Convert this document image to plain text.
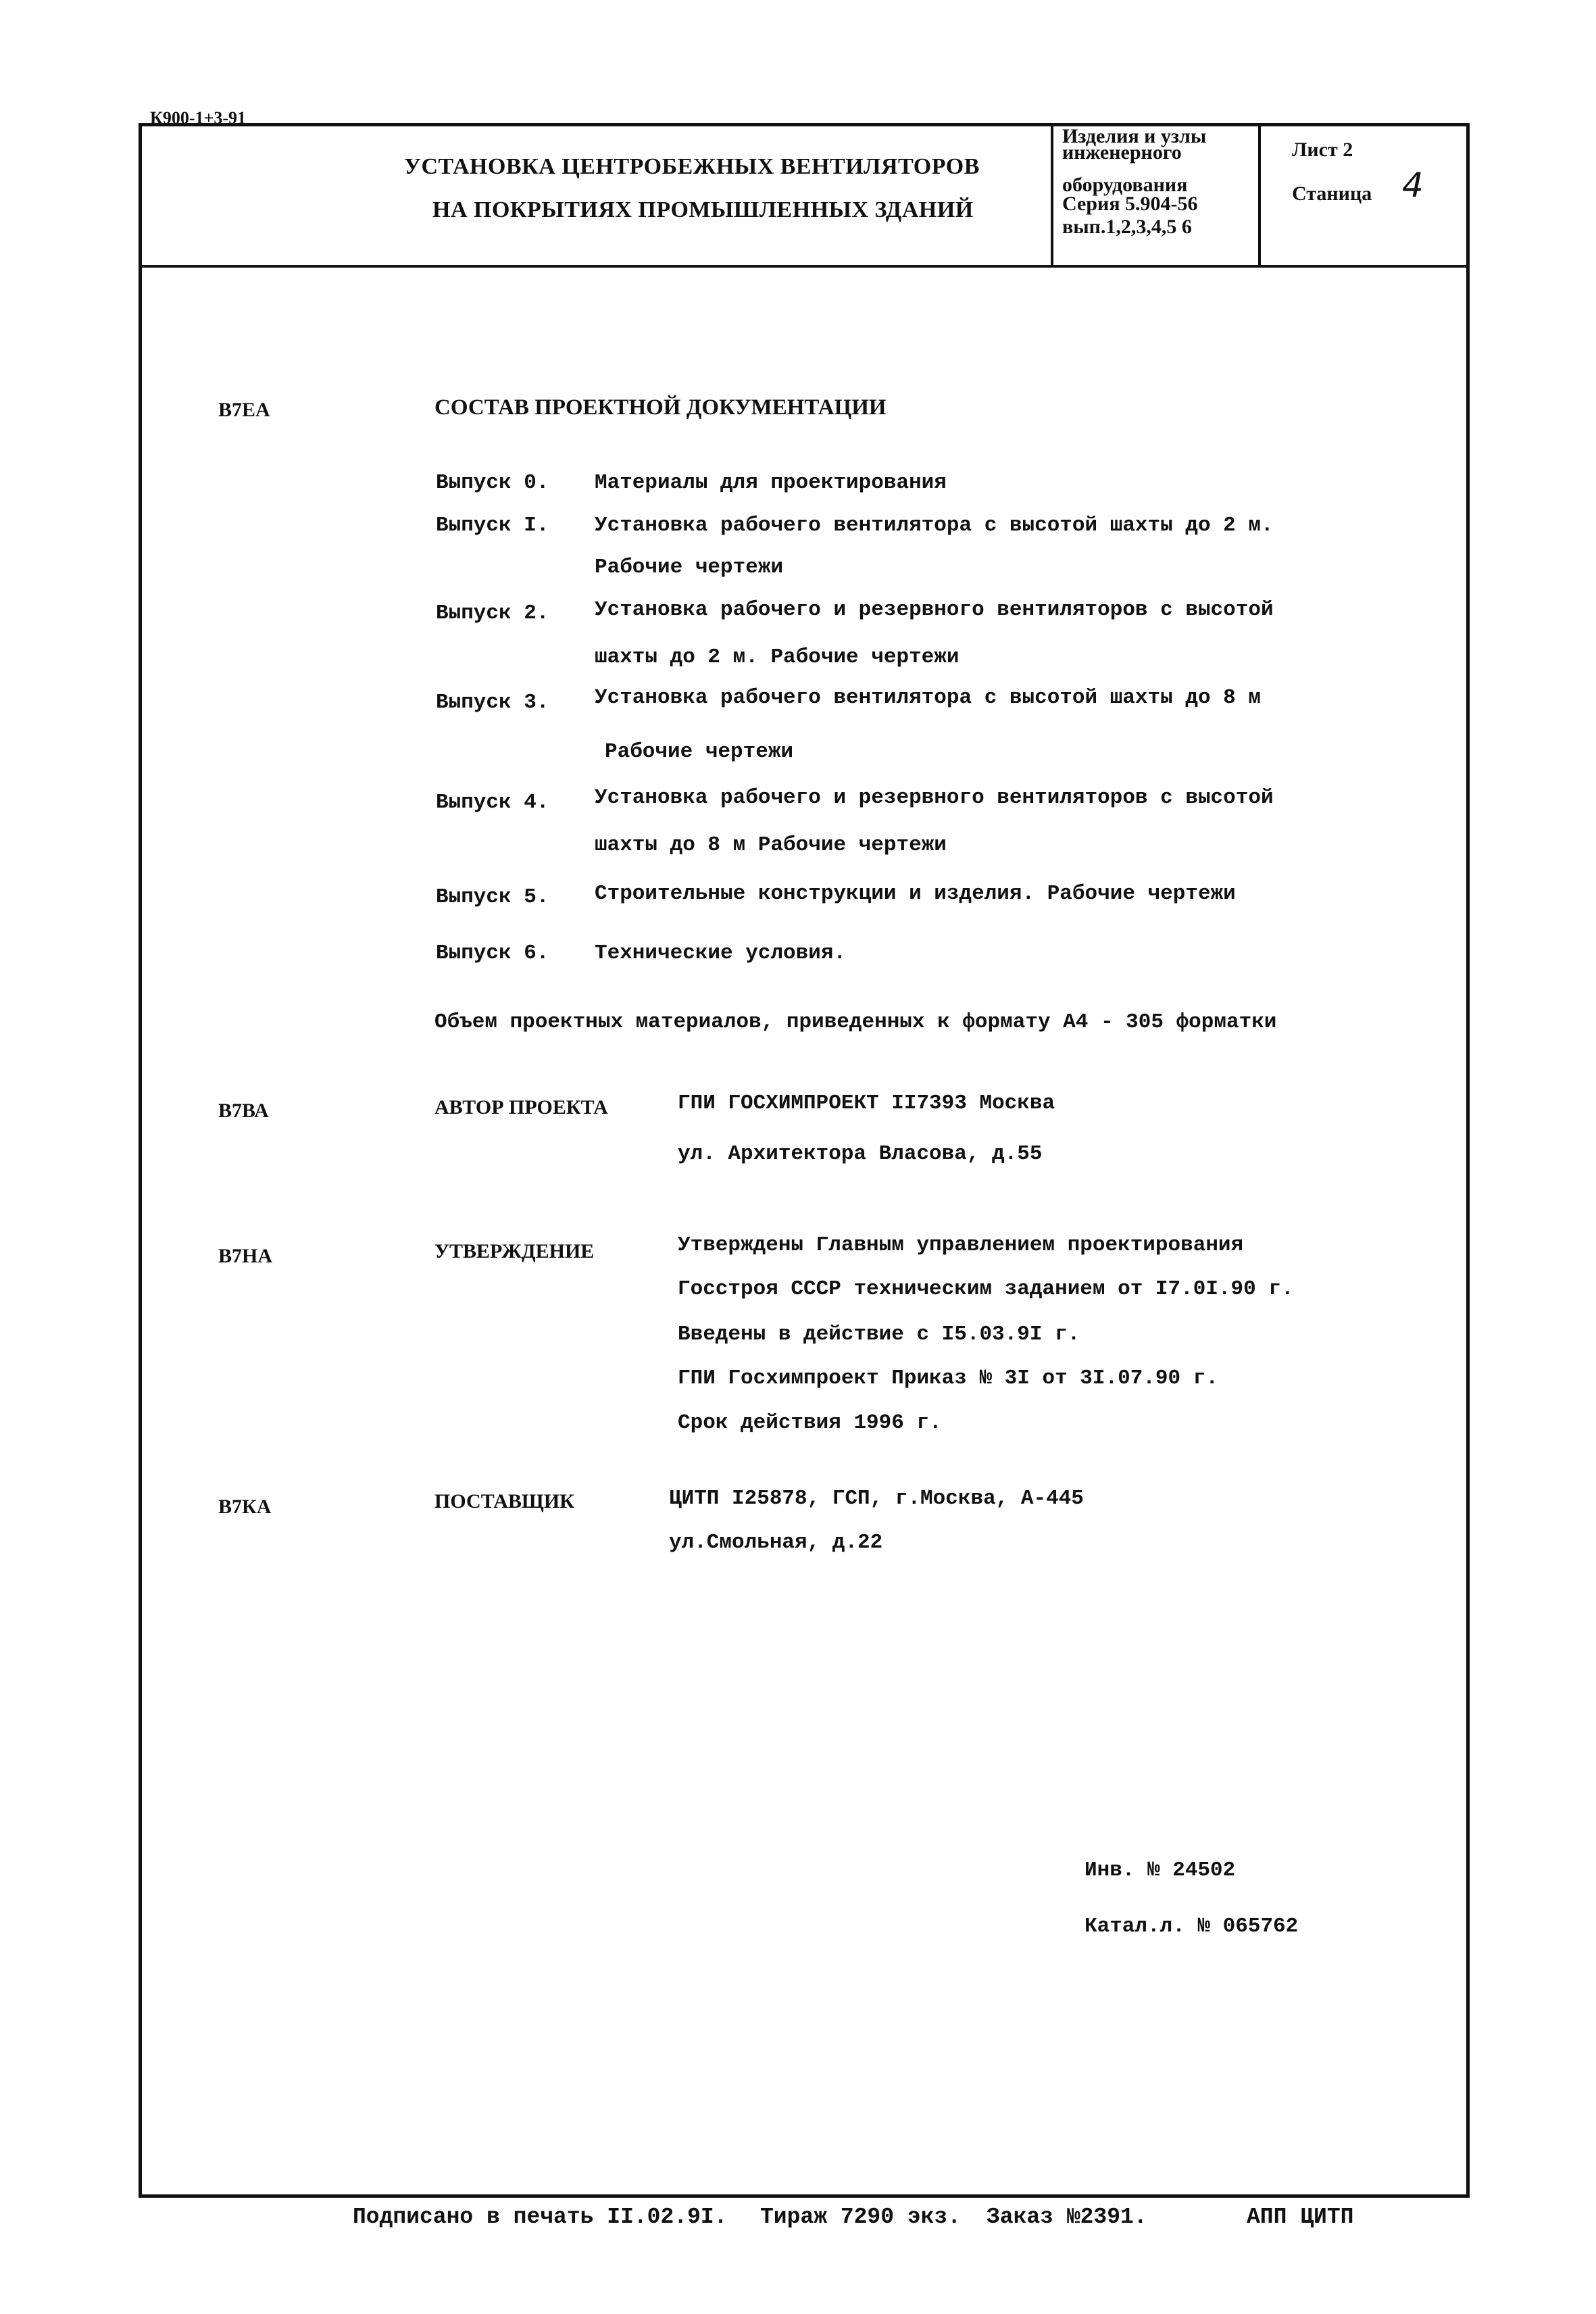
К900-1+3-91
УСТАНОВКА ЦЕНТРОБЕЖНЫХ ВЕНТИЛЯТОРОВ
НА ПОКРЫТИЯХ ПРОМЫШЛЕННЫХ ЗДАНИЙ
Изделия и узлы
инженерного
оборудования
Серия 5.904-56
вып.1,2,3,4,5 6
Лист 2
Станица 4
В7ЕА	СОСТАВ ПРОЕКТНОЙ ДОКУМЕНТАЦИИ
Выпуск 0. Материалы для проектирования
Выпуск I. Установка рабочего вентилятора с высотой шахты до 2 м.
Рабочие чертежи
Выпуск 2. Установка рабочего и резервного вентиляторов с высотой
шахты до 2 м. Рабочие чертежи
Выпуск 3. Установка рабочего вентилятора с высотой шахты до 8 м
Рабочие чертежи
Выпуск 4. Установка рабочего и резервного вентиляторов с высотой
шахты до 8 м Рабочие чертежи
Выпуск 5. Строительные конструкции и изделия. Рабочие чертежи
Выпуск 6. Технические условия.
Объем проектных материалов, приведенных к формату А4 - 305 форматки
В7ВА	АВТОР ПРОЕКТА	ГПИ ГОСХИМПРОЕКТ II7393 Москва
ул. Архитектора Власова, д.55
В7НА	УТВЕРЖДЕНИЕ	Утверждены Главным управлением проектирования
Госстроя СССР техническим заданием от I7.0I.90 г.
Введены в действие с I5.03.9I г.
ГПИ Госхимпроект Приказ № 3I от 3I.07.90 г.
Срок действия 1996 г.
В7КА	ПОСТАВЩИК	ЦИТП I25878, ГСП, г.Москва, А-445
ул.Смольная, д.22
Инв. № 24502
Катал.л. № 065762
Подписано в печать II.02.9I. Тираж 7290 экз. Заказ №2391.	АПП ЦИТП
